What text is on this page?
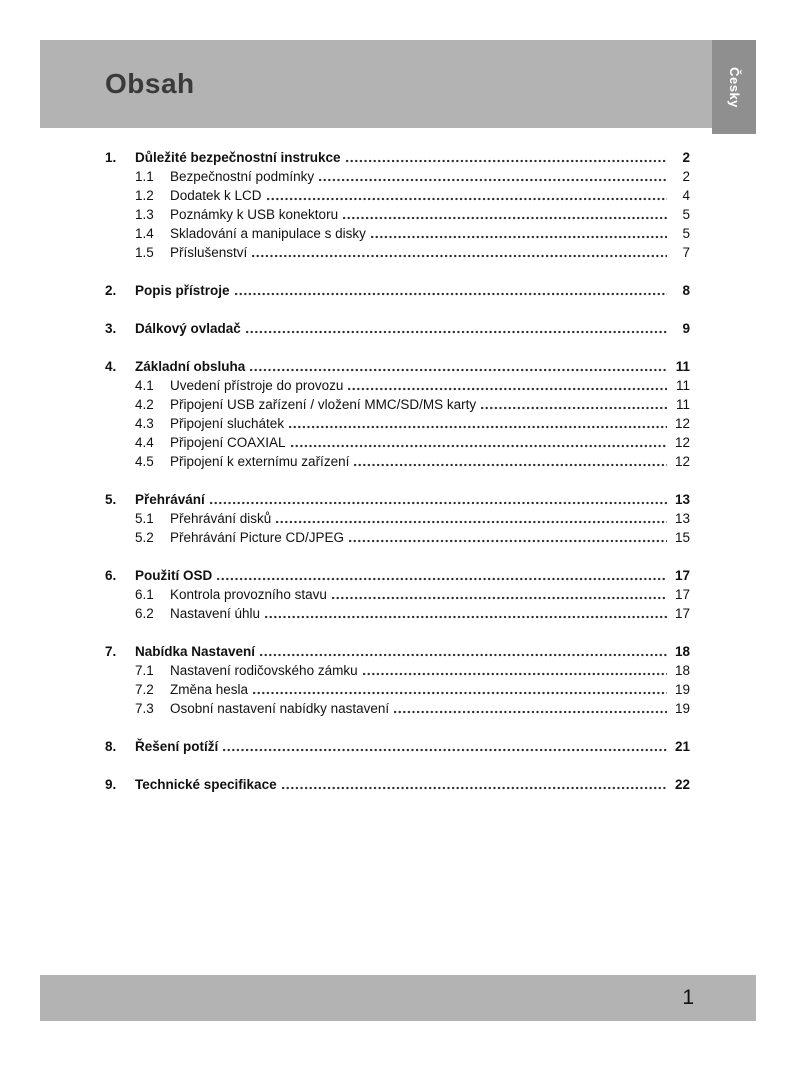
Obsah	Česky
1.	Důležité bezpečnostní instrukce	2
1.1	Bezpečnostní podmínky	2
1.2	Dodatek k LCD	4
1.3	Poznámky k USB konektoru	5
1.4	Skladování a manipulace s disky	5
1.5	Příslušenství	7
2.	Popis přístroje	8
3.	Dálkový ovladač	9
4.	Základní obsluha	11
4.1	Uvedení přístroje do provozu	11
4.2	Připojení USB zařízení / vložení MMC/SD/MS karty	11
4.3	Připojení sluchátek	12
4.4	Připojení COAXIAL	12
4.5	Připojení k externímu zařízení	12
5.	Přehrávání	13
5.1	Přehrávání disků	13
5.2	Přehrávání Picture CD/JPEG	15
6.	Použití OSD	17
6.1	Kontrola provozního stavu	17
6.2	Nastavení úhlu	17
7.	Nabídka Nastavení	18
7.1	Nastavení rodičovského zámku	18
7.2	Změna hesla	19
7.3	Osobní nastavení nabídky nastavení	19
8.	Řešení potíží	21
9.	Technické specifikace	22
1
